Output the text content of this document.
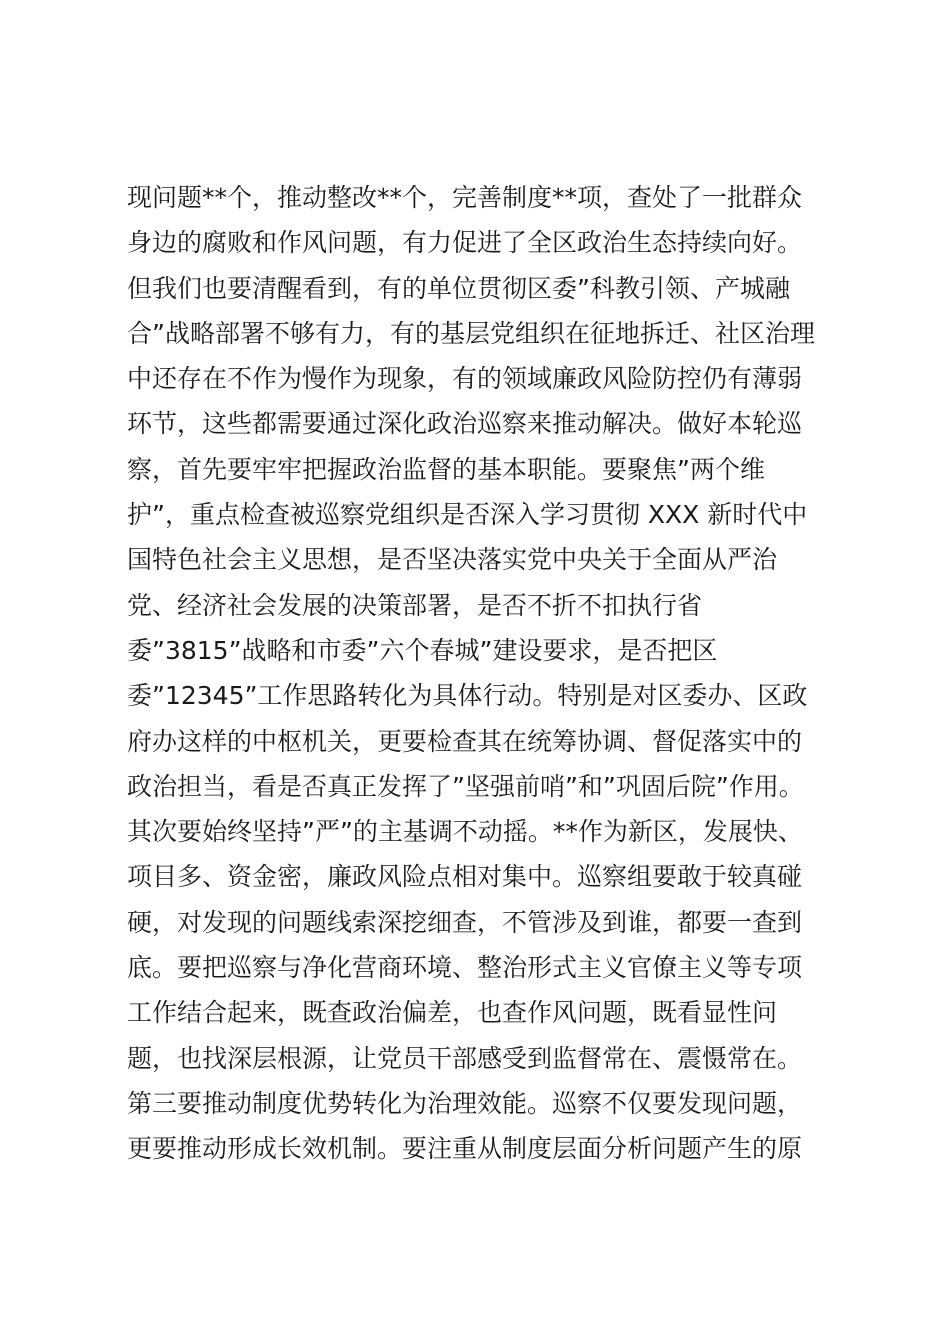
现问题**个，推动整改**个，完善制度**项，查处了一批群众
身边的腐败和作风问题，有力促进了全区政治生态持续向好。
但我们也要清醒看到，有的单位贯彻区委”科教引领、产城融
合”战略部署不够有力，有的基层党组织在征地拆迁、社区治理
中还存在不作为慢作为现象，有的领域廉政风险防控仍有薄弱
环节，这些都需要通过深化政治巡察来推动解决。做好本轮巡
察，首先要牢牢把握政治监督的基本职能。要聚焦”两个维
护”，重点检查被巡察党组织是否深入学习贯彻 XXX 新时代中
国特色社会主义思想，是否坚决落实党中央关于全面从严治
党、经济社会发展的决策部署，是否不折不扣执行省
委”3815”战略和市委”六个春城”建设要求，是否把区
委”12345”工作思路转化为具体行动。特别是对区委办、区政
府办这样的中枢机关，更要检查其在统筹协调、督促落实中的
政治担当，看是否真正发挥了”坚强前哨”和”巩固后院”作用。
其次要始终坚持”严”的主基调不动摇。**作为新区，发展快、
项目多、资金密，廉政风险点相对集中。巡察组要敢于较真碰
硬，对发现的问题线索深挖细查，不管涉及到谁，都要一查到
底。要把巡察与净化营商环境、整治形式主义官僚主义等专项
工作结合起来，既查政治偏差，也查作风问题，既看显性问
题，也找深层根源，让党员干部感受到监督常在、震慑常在。
第三要推动制度优势转化为治理效能。巡察不仅要发现问题，
更要推动形成长效机制。要注重从制度层面分析问题产生的原
